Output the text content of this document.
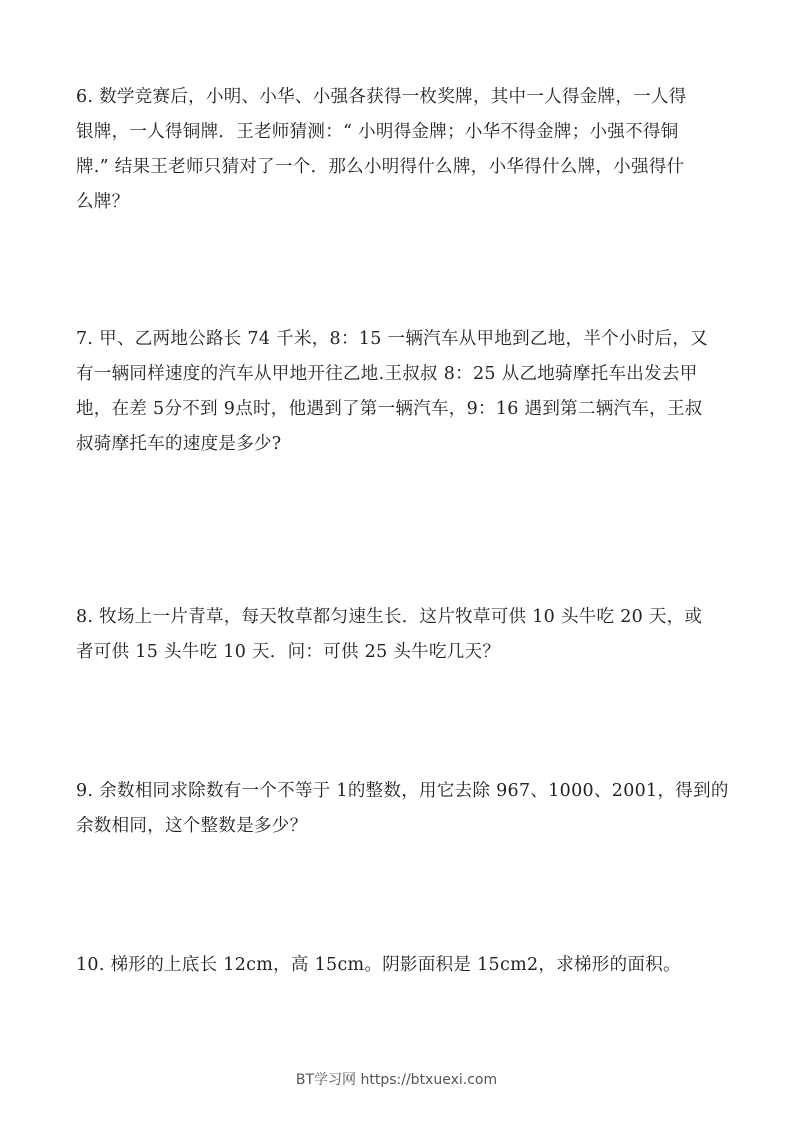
6. 数学竞赛后，小明、小华、小强各获得一枚奖牌，其中一人得金牌，一人得
银牌，一人得铜牌．王老师猜测：“ 小明得金牌；小华不得金牌；小强不得铜
牌.” 结果王老师只猜对了一个．那么小明得什么牌，小华得什么牌，小强得什
么牌？
7. 甲、乙两地公路长 74 千米，8：15 一辆汽车从甲地到乙地，半个小时后，又
有一辆同样速度的汽车从甲地开往乙地.王叔叔 8：25 从乙地骑摩托车出发去甲
地，在差 5分不到 9点时，他遇到了第一辆汽车，9：16 遇到第二辆汽车，王叔
叔骑摩托车的速度是多少?
8. 牧场上一片青草，每天牧草都匀速生长．这片牧草可供 10 头牛吃 20 天，或
者可供 15 头牛吃 10 天．问：可供 25 头牛吃几天？
9. 余数相同求除数有一个不等于 1的整数，用它去除 967、1000、2001，得到的
余数相同，这个整数是多少？
10. 梯形的上底长 12cm，高 15cm。阴影面积是 15cm2，求梯形的面积。
BT学习网 https://btxuexi.com
